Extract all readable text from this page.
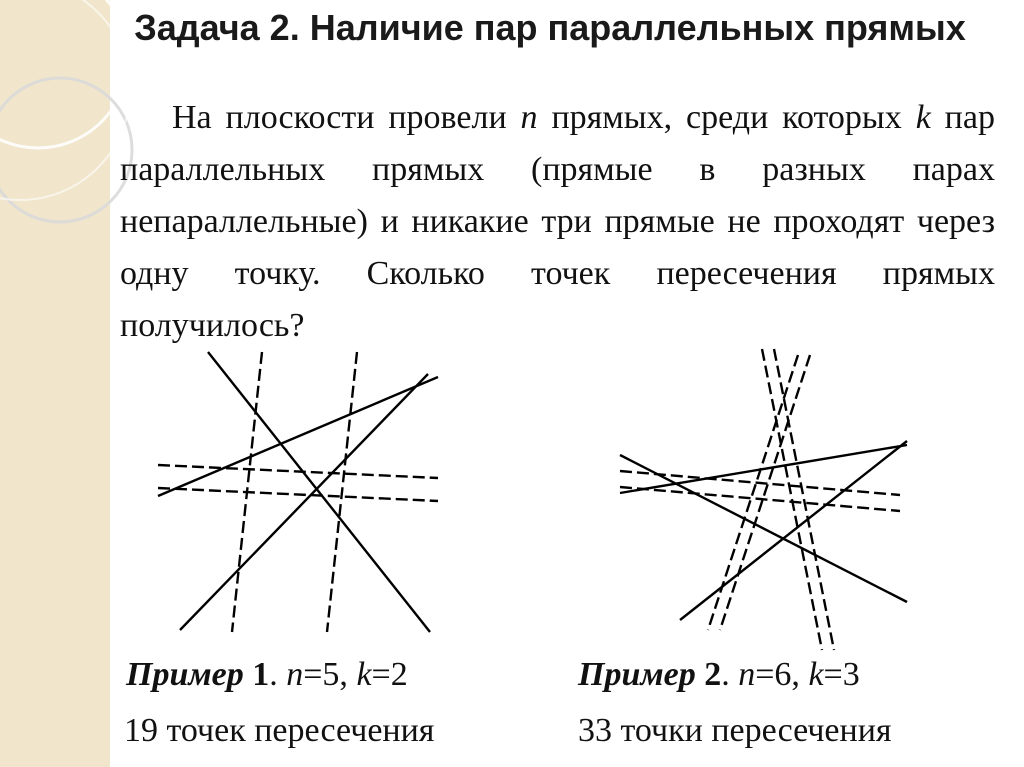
Задача 2. Наличие пар параллельных прямых
На плоскости провели n прямых, среди которых k пар параллельных прямых (прямые в разных парах непараллельные) и никакие три прямые не проходят через одну точку. Сколько точек пересечения прямых получилось?
Пример 1. n=5, k=2
19 точек пересечения
Пример 2. n=6, k=3
33 точки пересечения
